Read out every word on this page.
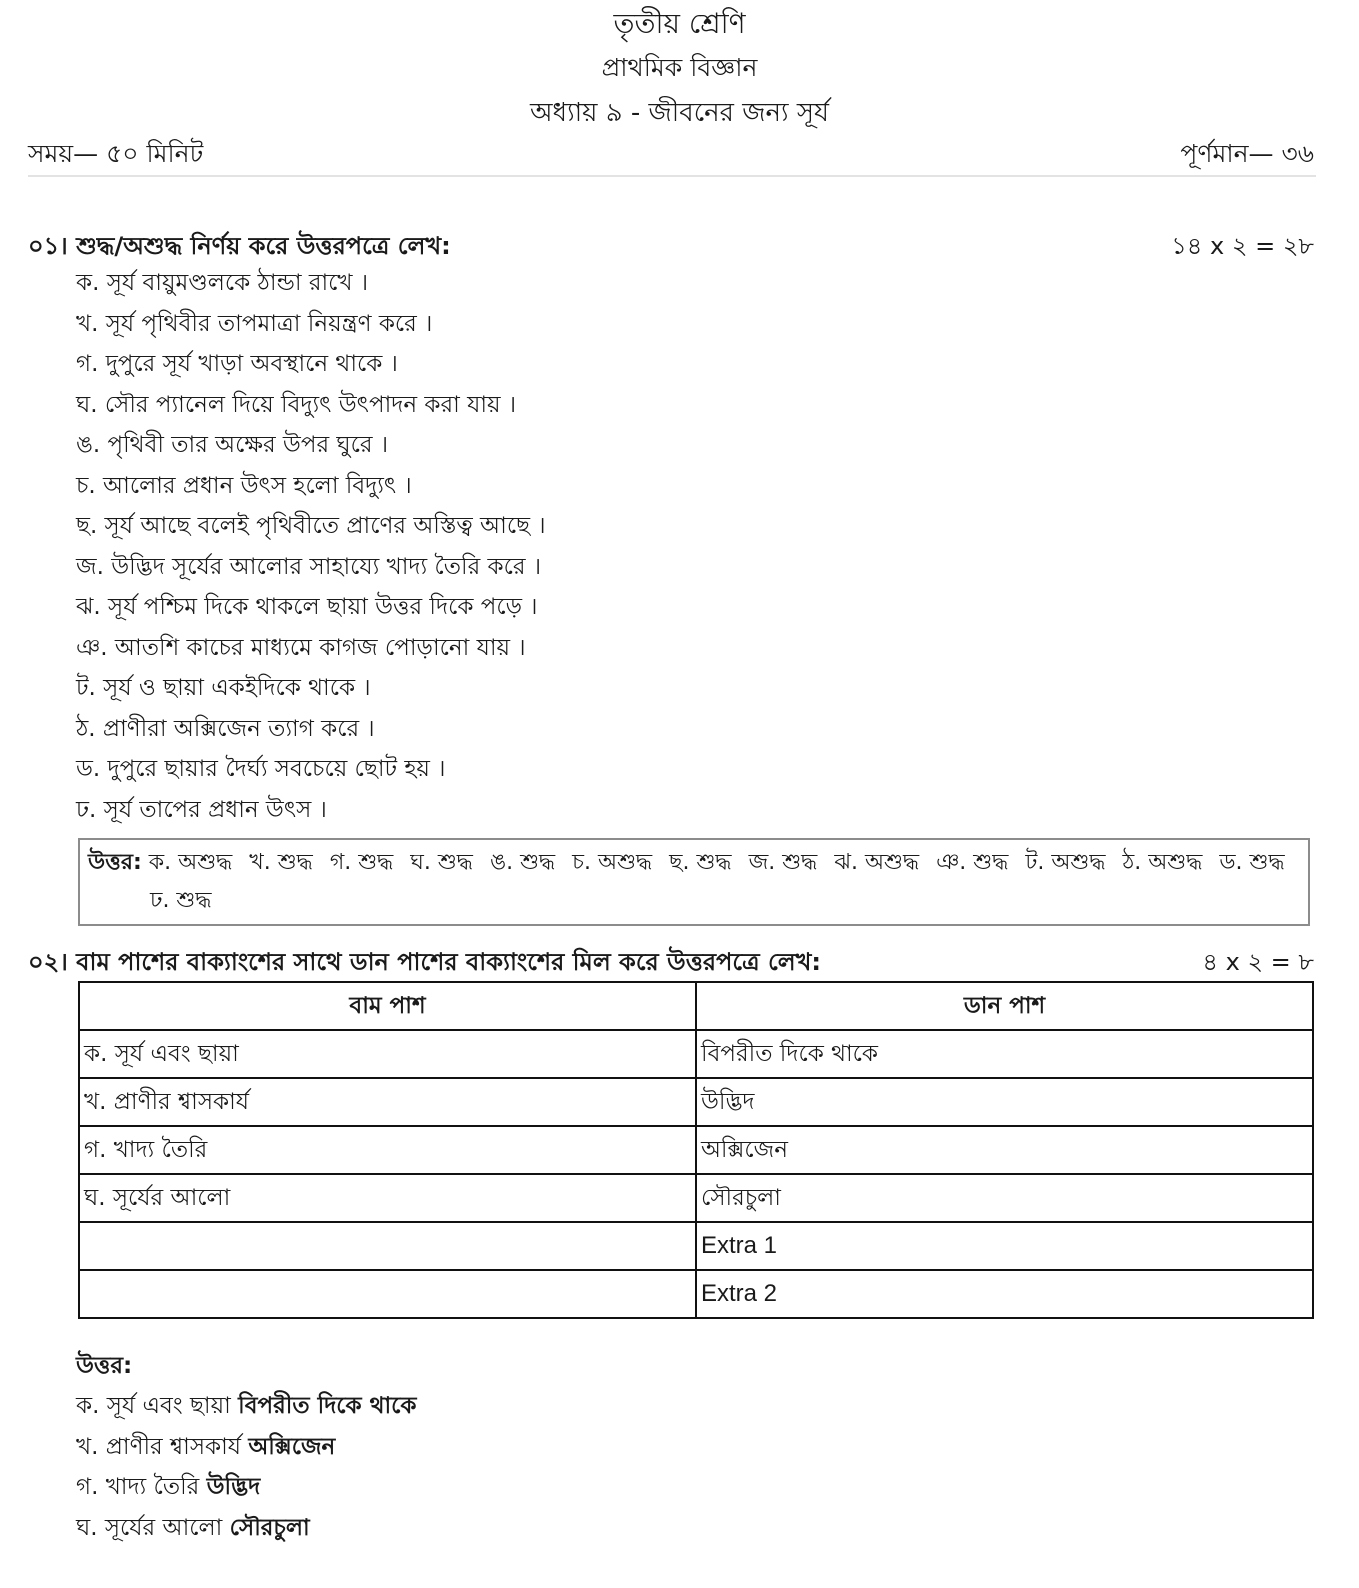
তৃতীয় শ্রেণি
প্রাথমিক বিজ্ঞান
অধ্যায় ৯ - জীবনের জন্য সূর্য
সময়— ৫০ মিনিট	পূর্ণমান— ৩৬
০১। শুদ্ধ/অশুদ্ধ নির্ণয় করে উত্তরপত্রে লেখ:	১৪ x ২ = ২৮
ক. সূর্য বায়ুমণ্ডলকে ঠান্ডা রাখে ।
খ. সূর্য পৃথিবীর তাপমাত্রা নিয়ন্ত্রণ করে ।
গ. দুপুরে সূর্য খাড়া অবস্থানে থাকে ।
ঘ. সৌর প্যানেল দিয়ে বিদ্যুৎ উৎপাদন করা যায় ।
ঙ. পৃথিবী তার অক্ষের উপর ঘুরে ।
চ. আলোর প্রধান উৎস হলো বিদ্যুৎ ।
ছ. সূর্য আছে বলেই পৃথিবীতে প্রাণের অস্তিত্ব আছে ।
জ. উদ্ভিদ সূর্যের আলোর সাহায্যে খাদ্য তৈরি করে ।
ঝ. সূর্য পশ্চিম দিকে থাকলে ছায়া উত্তর দিকে পড়ে ।
ঞ. আতশি কাচের মাধ্যমে কাগজ পোড়ানো যায় ।
ট. সূর্য ও ছায়া একইদিকে থাকে ।
ঠ. প্রাণীরা অক্সিজেন ত্যাগ করে ।
ড. দুপুরে ছায়ার দৈর্ঘ্য সবচেয়ে ছোট হয় ।
ঢ. সূর্য তাপের প্রধান উৎস ।
উত্তর: ক. অশুদ্ধ খ. শুদ্ধ গ. শুদ্ধ ঘ. শুদ্ধ ঙ. শুদ্ধ চ. অশুদ্ধ ছ. শুদ্ধ জ. শুদ্ধ ঝ. অশুদ্ধ ঞ. শুদ্ধ ট. অশুদ্ধ ঠ. অশুদ্ধ ড. শুদ্ধ
ঢ. শুদ্ধ
০২। বাম পাশের বাক্যাংশের সাথে ডান পাশের বাক্যাংশের মিল করে উত্তরপত্রে লেখ:	৪ x ২ = ৮
বাম পাশ	ডান পাশ
ক. সূর্য এবং ছায়া	বিপরীত দিকে থাকে
খ. প্রাণীর শ্বাসকার্য	উদ্ভিদ
গ. খাদ্য তৈরি	অক্সিজেন
ঘ. সূর্যের আলো	সৌরচুলা
	Extra 1
	Extra 2
উত্তর:
ক. সূর্য এবং ছায়া বিপরীত দিকে থাকে
খ. প্রাণীর শ্বাসকার্য অক্সিজেন
গ. খাদ্য তৈরি উদ্ভিদ
ঘ. সূর্যের আলো সৌরচুলা
